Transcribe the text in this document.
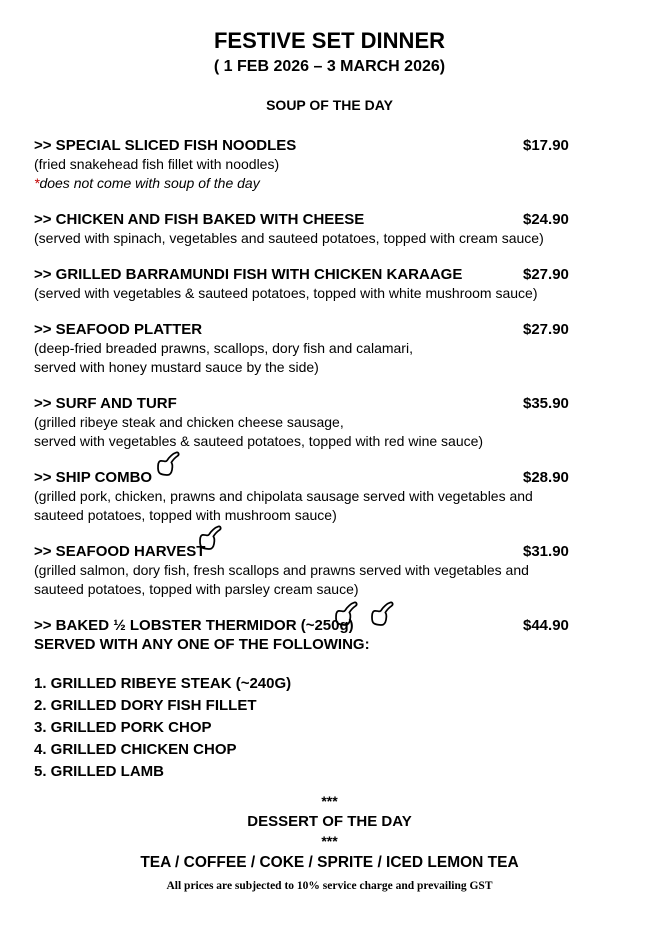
FESTIVE SET DINNER
( 1 FEB 2026 – 3 MARCH 2026)
SOUP OF THE DAY
>> SPECIAL SLICED FISH NOODLES	$17.90
(fried snakehead fish fillet with noodles)
*does not come with soup of the day
>> CHICKEN AND FISH BAKED WITH CHEESE	$24.90
(served with spinach, vegetables and sauteed potatoes, topped with cream sauce)
>> GRILLED BARRAMUNDI FISH WITH CHICKEN KARAAGE	$27.90
(served with vegetables & sauteed potatoes, topped with white mushroom sauce)
>> SEAFOOD PLATTER	$27.90
(deep-fried breaded prawns, scallops, dory fish and calamari,
served with honey mustard sauce by the side)
>> SURF AND TURF	$35.90
(grilled ribeye steak and chicken cheese sausage,
served with vegetables & sauteed potatoes, topped with red wine sauce)
>> SHIP COMBO	$28.90
(grilled pork, chicken, prawns and chipolata sausage served with vegetables and
sauteed potatoes, topped with mushroom sauce)
>> SEAFOOD HARVEST	$31.90
(grilled salmon, dory fish, fresh scallops and prawns served with vegetables and
sauteed potatoes, topped with parsley cream sauce)
>> BAKED ½ LOBSTER THERMIDOR (~250g)	$44.90
SERVED WITH ANY ONE OF THE FOLLOWING:
1. GRILLED RIBEYE STEAK (~240G)
2. GRILLED DORY FISH FILLET
3. GRILLED PORK CHOP
4. GRILLED CHICKEN CHOP
5. GRILLED LAMB
***
DESSERT OF THE DAY
***
TEA / COFFEE / COKE / SPRITE / ICED LEMON TEA
All prices are subjected to 10% service charge and prevailing GST
